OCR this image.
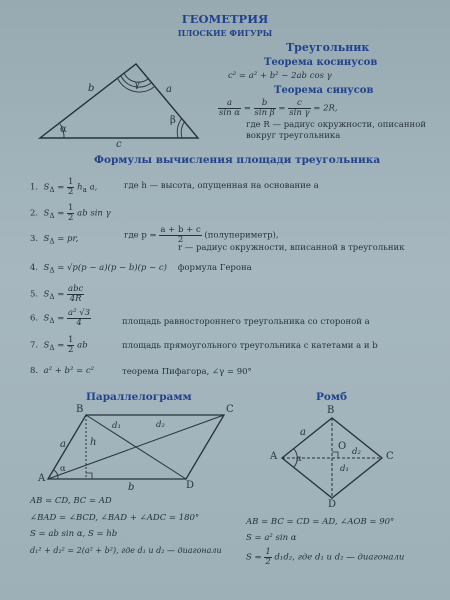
ГЕОМЕТРИЯ
ПЛОСКИЕ ФИГУРЫ
b	a
c
α
β
γ
Треугольник
Теорема косинусов
c² = a² + b² − 2ab cos γ
Теорема синусов
$\frac{a}{\text{sin α}} = \frac{b}{\text{sin β}} = \frac{c}{\text{sin γ}} = 2R$,
где R — радиус окружности, описанной
вокруг треугольника
Формулы вычисления площади треугольника
1. $S_\Delta = \frac{1}{2} h_a$ a,	где h — высота, опущенная на основание a
2. $S_\Delta = \frac{1}{2}$ ab sin γ
3. $S_\Delta$ = pr,	где $p = \frac{a + b + c}{2}$ (полупериметр),
r — радиус окружности, вписанной в треугольник
4. $S_\Delta = √p(p - a)(p - b)(p - c)$ формула Герона
5. $S_\Delta = \frac{\text{abc}}{4R}$
6. $S_\Delta = \frac{\text{a² √3}}{4}$	площадь равностороннего треугольника со стороной a
7. $S_\Delta = \frac{1}{2}$ ab	площадь прямоугольного треугольника с катетами a и b
8. a² + b² = c²	теорема Пифагора, ∠γ = 90°
Параллелограмм
B	C
A
D
a
b
h
d₁	d₂
α
AB = CD, BC = AD
∠BAD = ∠BCD, ∠BAD + ∠ADC = 180°
S = ab sin α, S = hb
d₁² + d₂² = 2(a² + b²), где d₁ и d₂ — диагонали
Ромб
B
A	C
D
O
a
d₁
d₂
α
AB = BC = CD = AD, ∠AOB = 90°
S = a² sin α
$S = \frac{1}{2} d_1d_2$, где d₁ и d₂ — диагонали
